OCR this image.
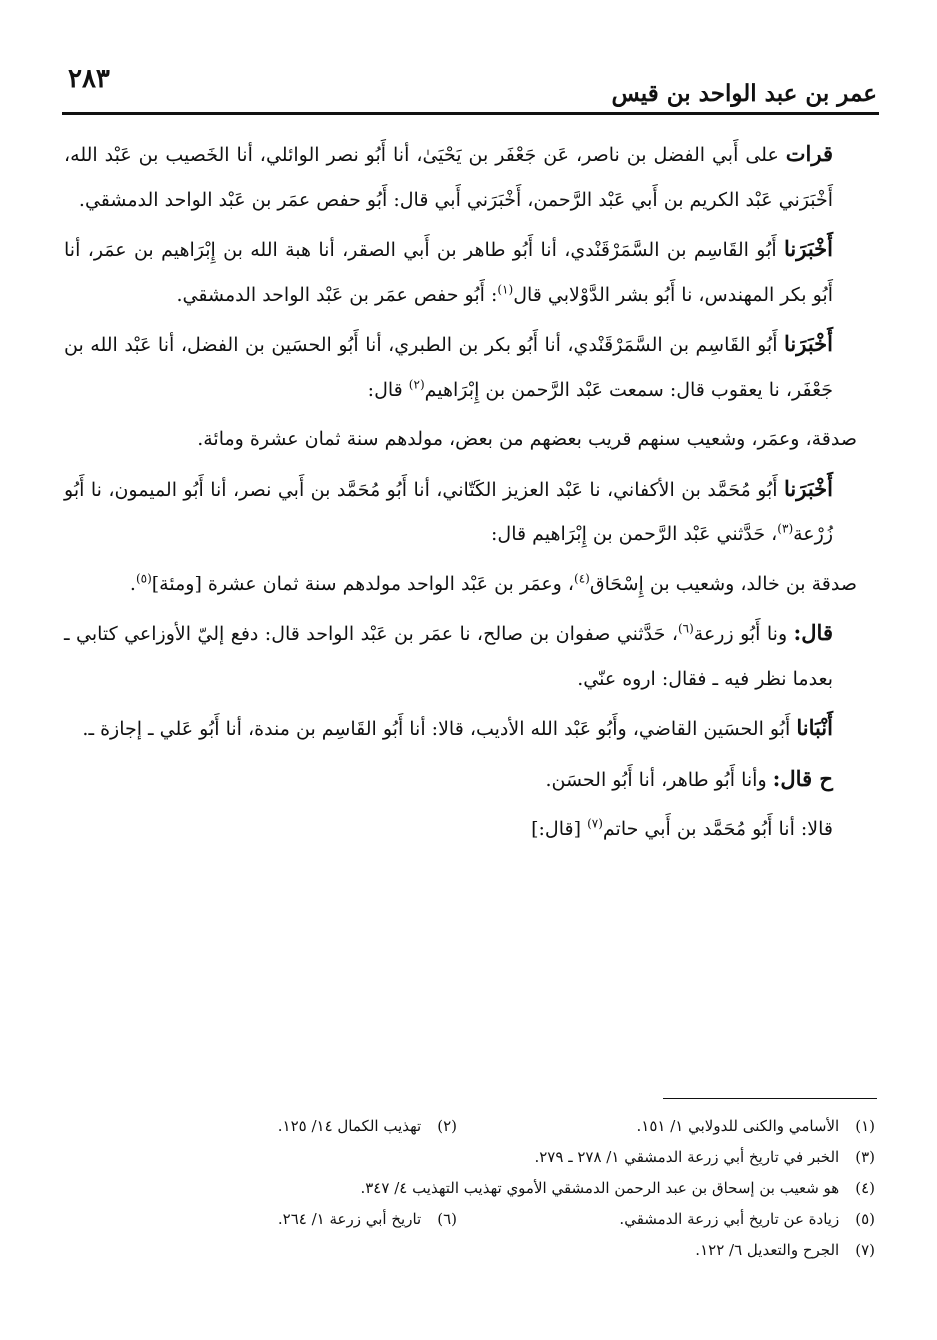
٢٨٣	عمر بن عبد الواحد بن قيس

قرات على أَبي الفضل بن ناصر، عَن جَعْفَر بن يَحْيَىٰ، أنا أَبُو نصر الوائلي، أنا الخَصيب بن عَبْد الله، أَخْبَرَني عَبْد الكريم بن أَبي عَبْد الرَّحمن، أَخْبَرَني أَبي قال: أَبُو حفص عمَر بن عَبْد الواحد الدمشقي.

أَخْبَرَنا أَبُو القَاسِم بن السَّمَرْقَنْدي، أنا أَبُو طاهر بن أَبي الصقر، أنا هبة الله بن إِبْرَاهيم بن عمَر، أنا أَبُو بكر المهندس، نا أَبُو بشر الدَّوْلابي قال$^{(١)}$: أَبُو حفص عمَر بن عَبْد الواحد الدمشقي.

أَخْبَرَنا أَبُو القَاسِم بن السَّمَرْقَنْدي، أنا أَبُو بكر بن الطبري، أنا أَبُو الحسَين بن الفضل، أنا عَبْد الله بن جَعْفَر، نا يعقوب قال: سمعت عَبْد الرَّحمن بن إِبْرَاهيم$^{(٢)}$ قال:

صدقة، وعمَر، وشعيب سنهم قريب بعضهم من بعض، مولدهم سنة ثمان عشرة ومائة.

أَخْبَرَنا أَبُو مُحَمَّد بن الأكفاني، نا عَبْد العزيز الكَتّاني، أنا أَبُو مُحَمَّد بن أَبي نصر، أنا أَبُو الميمون، نا أَبُو زُرْعة$^{(٣)}$، حَدَّثني عَبْد الرَّحمن بن إِبْرَاهيم قال:

صدقة بن خالد، وشعيب بن إِسْحَاق$^{(٤)}$، وعمَر بن عَبْد الواحد مولدهم سنة ثمان عشرة [ومئة]$^{(٥)}$.

قال: ونا أَبُو زرعة$^{(٦)}$، حَدَّثني صفوان بن صالح، نا عمَر بن عَبْد الواحد قال: دفع إليّ الأوزاعي كتابي ـ بعدما نظر فيه ـ فقال: اروه عنّي.

أَنْبَانا أَبُو الحسَين القاضي، وأَبُو عَبْد الله الأديب، قالا: أنا أَبُو القَاسِم بن مندة، أنا أَبُو عَلي ـ إجازة ـ.

ح قال: وأنا أَبُو طاهر، أنا أَبُو الحسَن.

قالا: أنا أَبُو مُحَمَّد بن أَبي حاتم$^{(٧)}$ [قال:]

(١)الأسامي والكنى للدولابي ١/ ١٥١.
(٢)تهذيب الكمال ١٤/ ١٢٥.
(٣)الخبر في تاريخ أبي زرعة الدمشقي ١/ ٢٧٨ ـ ٢٧٩.
(٤)هو شعيب بن إسحاق بن عبد الرحمن الدمشقي الأموي تهذيب التهذيب ٤/ ٣٤٧.
(٥)زيادة عن تاريخ أبي زرعة الدمشقي.
(٦)تاريخ أبي زرعة ١/ ٢٦٤.
(٧)الجرح والتعديل ٦/ ١٢٢.
